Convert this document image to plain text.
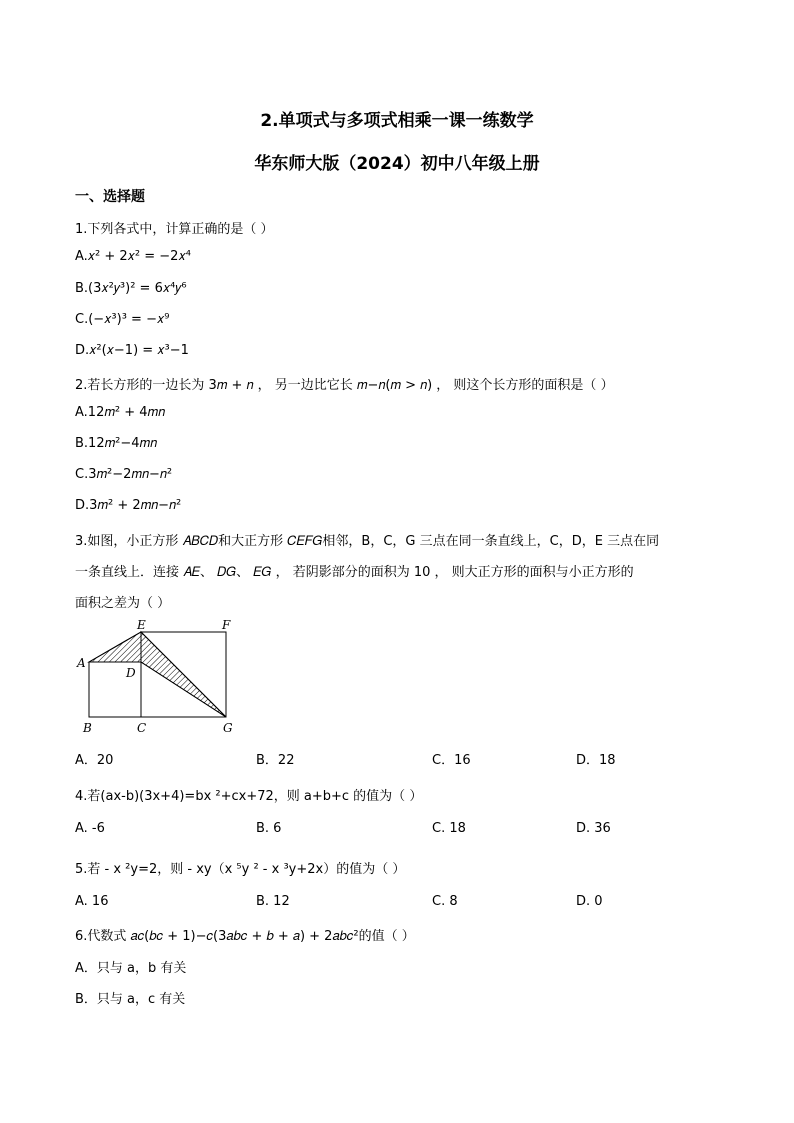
2.单项式与多项式相乘一课一练数学
华东师大版（2024）初中八年级上册
一、选择题
1.下列各式中，计算正确的是（ ）
A.𝑥² + 2𝑥² = −2𝑥⁴
B.(3𝑥²𝑦³)² = 6𝑥⁴𝑦⁶
C.(−𝑥³)³ = −𝑥⁹
D.𝑥²(𝑥−1) = 𝑥³−1
2.若长方形的一边长为 3𝑚 + 𝑛 ， 另一边比它长 𝑚−𝑛(𝑚 > 𝑛) ， 则这个长方形的面积是（ ）
A.12𝑚² + 4𝑚𝑛
B.12𝑚²−4𝑚𝑛
C.3𝑚²−2𝑚𝑛−𝑛²
D.3𝑚² + 2𝑚𝑛−𝑛²
3.如图，小正方形 𝐴𝐵𝐶𝐷和大正方形 𝐶𝐸𝐹𝐺相邻，B，C，G 三点在同一条直线上，C，D，E 三点在同
一条直线上．连接 𝐴𝐸、 𝐷𝐺、 𝐸𝐺 ， 若阴影部分的面积为 10 ， 则大正方形的面积与小正方形的
面积之差为（ ）
E	F
A
D
B	C	G
A．20	B．22	C．16	D．18
4.若(ax-b)(3x+4)=bx ²+cx+72，则 a+b+c 的值为（ ）
A. -6	B. 6	C. 18	D. 36
5.若 - x ²y=2，则 - xy（x ⁵y ² - x ³y+2x）的值为（ ）
A. 16	B. 12	C. 8	D. 0
6.代数式 𝑎𝑐(𝑏𝑐 + 1)−𝑐(3𝑎𝑏𝑐 + 𝑏 + 𝑎) + 2𝑎𝑏𝑐²的值（ ）
A．只与 a，b 有关
B．只与 a，c 有关
